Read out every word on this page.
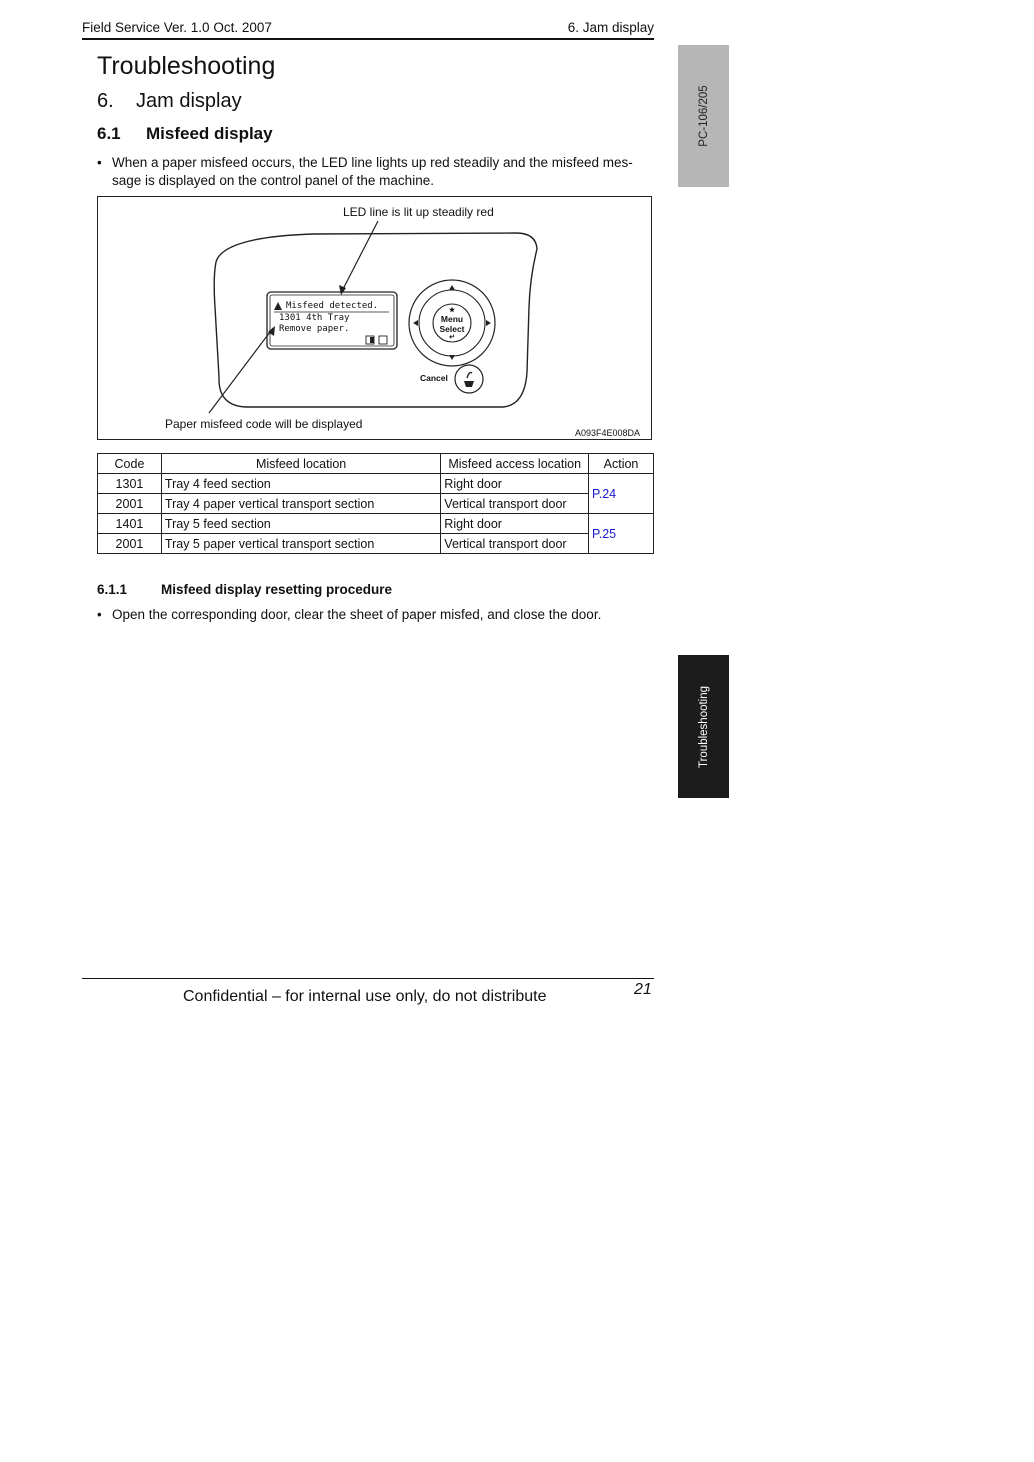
Field Service Ver. 1.0 Oct. 2007	6. Jam display
Troubleshooting
6. Jam display
6.1 Misfeed display
• When a paper misfeed occurs, the LED line lights up red steadily and the misfeed mes-
sage is displayed on the control panel of the machine.
LED line is lit up steadily red
Paper misfeed code will be displayed
A093F4E008DA
Misfeed detected.
1301 4th Tray
Remove paper.
★
Menu
Select
↵
Cancel
Code	Misfeed location	Misfeed access location	Action
1301	Tray 4 feed section	Right door	P.24
2001	Tray 4 paper vertical transport section	Vertical transport door	
1401	Tray 5 feed section	Right door	P.25
2001	Tray 5 paper vertical transport section	Vertical transport door	
6.1.1	Misfeed display resetting procedure
• Open the corresponding door, clear the sheet of paper misfed, and close the door.
Confidential – for internal use only, do not distribute	21
PC-106/205
Troubleshooting
